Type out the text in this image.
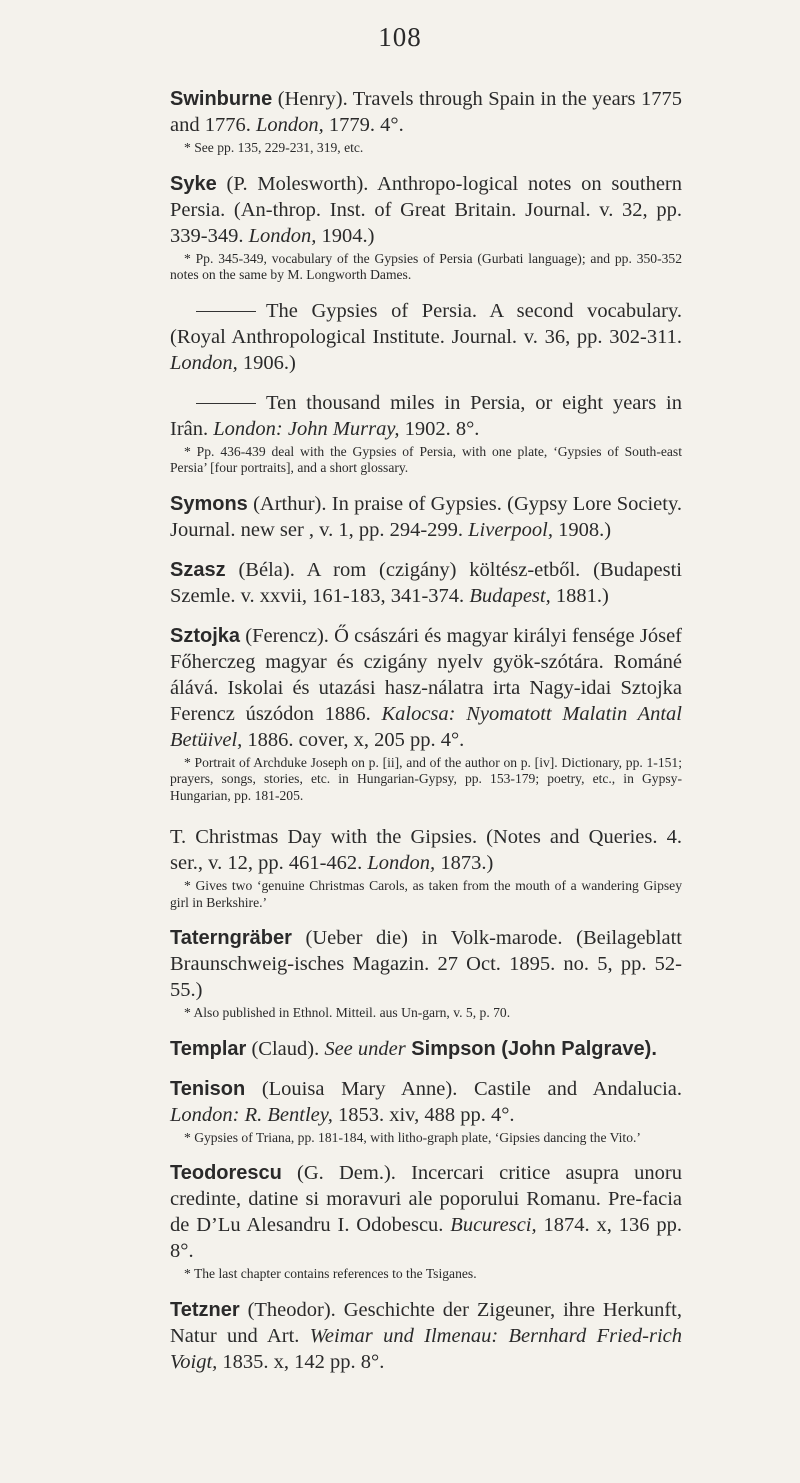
108

Swinburne (Henry). Travels through Spain in the years 1775 and 1776. London, 1779. 4°.

* See pp. 135, 229-231, 319, etc.

Syke (P. Molesworth). Anthropo-logical notes on southern Persia. (An-throp. Inst. of Great Britain. Journal. v. 32, pp. 339-349. London, 1904.)

* Pp. 345-349, vocabulary of the Gypsies of Persia (Gurbati language); and pp. 350-352 notes on the same by M. Longworth Dames.

The Gypsies of Persia. A second vocabulary. (Royal Anthropological Institute. Journal. v. 36, pp. 302-311. London, 1906.)

Ten thousand miles in Persia, or eight years in Irân. London: John Murray, 1902. 8°.

* Pp. 436-439 deal with the Gypsies of Persia, with one plate, ‘Gypsies of South-east Persia’ [four portraits], and a short glossary.

Symons (Arthur). In praise of Gypsies. (Gypsy Lore Society. Journal. new ser , v. 1, pp. 294-299. Liverpool, 1908.)

Szasz (Béla). A rom (czigány) költész-etből. (Budapesti Szemle. v. xxvii, 161-183, 341-374. Budapest, 1881.)

Sztojka (Ferencz). Ő császári és magyar királyi fensége Jósef Főherczeg magyar és czigány nyelv gyök-szótára. Románé álává. Iskolai és utazási hasz-nálatra irta Nagy-idai Sztojka Ferencz úszódon 1886. Kalocsa: Nyomatott Malatin Antal Betüivel, 1886. cover, x, 205 pp. 4°.

* Portrait of Archduke Joseph on p. [ii], and of the author on p. [iv]. Dictionary, pp. 1-151; prayers, songs, stories, etc. in Hungarian-Gypsy, pp. 153-179; poetry, etc., in Gypsy-Hungarian, pp. 181-205.

T. Christmas Day with the Gipsies. (Notes and Queries. 4. ser., v. 12, pp. 461-462. London, 1873.)

* Gives two ‘genuine Christmas Carols, as taken from the mouth of a wandering Gipsey girl in Berkshire.’

Taterngräber (Ueber die) in Volk-marode. (Beilageblatt Braunschweig-isches Magazin. 27 Oct. 1895. no. 5, pp. 52-55.)

* Also published in Ethnol. Mitteil. aus Un-garn, v. 5, p. 70.

Templar (Claud). See under Simpson (John Palgrave).

Tenison (Louisa Mary Anne). Castile and Andalucia. London: R. Bentley, 1853. xiv, 488 pp. 4°.

* Gypsies of Triana, pp. 181-184, with litho-graph plate, ‘Gipsies dancing the Vito.’

Teodorescu (G. Dem.). Incercari critice asupra unoru credinte, datine si moravuri ale poporului Romanu. Pre-facia de D’Lu Alesandru I. Odobescu. Bucuresci, 1874. x, 136 pp. 8°.

* The last chapter contains references to the Tsiganes.

Tetzner (Theodor). Geschichte der Zigeuner, ihre Herkunft, Natur und Art. Weimar und Ilmenau: Bernhard Fried-rich Voigt, 1835. x, 142 pp. 8°.
